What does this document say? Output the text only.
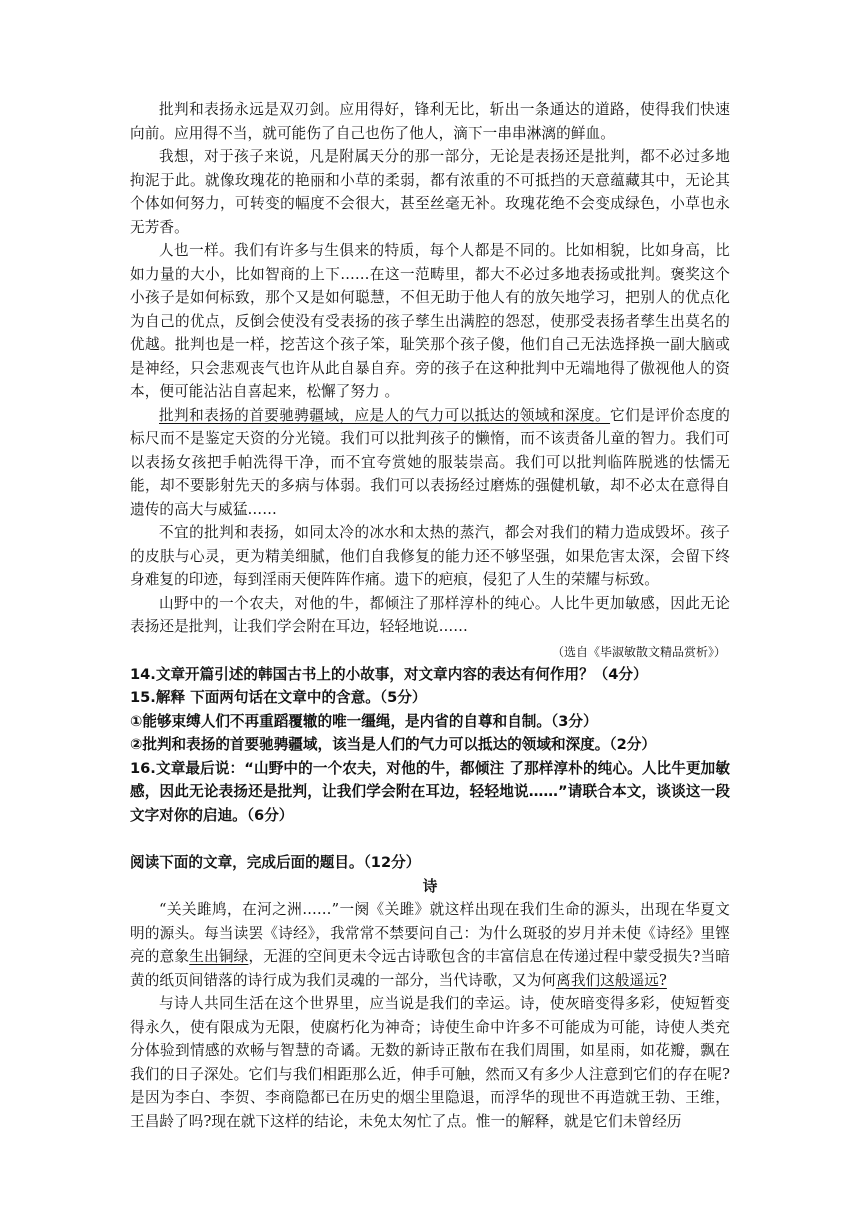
批判和表扬永远是双刃剑。应用得好，锋利无比，斩出一条通达的道路，使得我们快速向前。应用得不当，就可能伤了自己也伤了他人，滴下一串串淋漓的鲜血。

我想，对于孩子来说，凡是附属天分的那一部分，无论是表扬还是批判，都不必过多地拘泥于此。就像玫瑰花的艳丽和小草的柔弱，都有浓重的不可抵挡的天意蕴藏其中，无论其个体如何努力，可转变的幅度不会很大，甚至丝毫无补。玫瑰花绝不会变成绿色，小草也永无芳香。

人也一样。我们有许多与生俱来的特质，每个人都是不同的。比如相貌，比如身高，比如力量的大小，比如智商的上下……在这一范畴里，都大不必过多地表扬或批判。褒奖这个小孩子是如何标致，那个又是如何聪慧，不但无助于他人有的放矢地学习，把别人的优点化为自己的优点，反倒会使没有受表扬的孩子孳生出满腔的怨怼，使那受表扬者孳生出莫名的优越。批判也是一样，挖苦这个孩子笨，耻笑那个孩子傻，他们自己无法选择换一副大脑或是神经，只会悲观丧气也许从此自暴自弃。旁的孩子在这种批判中无端地得了傲视他人的资本，便可能沾沾自喜起来，松懈了努力 。

批判和表扬的首要驰骋疆域，应是人的气力可以抵达的领域和深度。它们是评价态度的标尺而不是鉴定天资的分光镜。我们可以批判孩子的懒惰，而不该责备儿童的智力。我们可以表扬女孩把手帕洗得干净，而不宜夸赏她的服装崇高。我们可以批判临阵脱逃的怯懦无能，却不要影射先天的多病与体弱。我们可以表扬经过磨炼的强健机敏，却不必太在意得自遗传的高大与威猛……

不宜的批判和表扬，如同太冷的冰水和太热的蒸汽，都会对我们的精力造成毁坏。孩子的皮肤与心灵，更为精美细腻，他们自我修复的能力还不够坚强，如果危害太深，会留下终身难复的印迹，每到淫雨天便阵阵作痛。遗下的疤痕，侵犯了人生的荣耀与标致。

山野中的一个农夫，对他的牛，都倾注了那样淳朴的纯心。人比牛更加敏感，因此无论表扬还是批判，让我们学会附在耳边，轻轻地说……

（选自《毕淑敏散文精品赏析》）

14.文章开篇引述的韩国古书上的小故事，对文章内容的表达有何作用？（4分）

15.解释 下面两句话在文章中的含意。（5分）

①能够束缚人们不再重蹈覆辙的唯一缰绳，是内省的自尊和自制。（3分）

②批判和表扬的首要驰骋疆域，该当是人们的气力可以抵达的领域和深度。（2分）

16.文章最后说：“山野中的一个农夫，对他的牛，都倾注 了那样淳朴的纯心。人比牛更加敏感，因此无论表扬还是批判，让我们学会附在耳边，轻轻地说……”请联合本文，谈谈这一段文字对你的启迪。（6分）

阅读下面的文章，完成后面的题目。（12分）

诗

“关关雎鸠，在河之洲……”一阕《关雎》就这样出现在我们生命的源头，出现在华夏文明的源头。每当读罢《诗经》，我常常不禁要问自己：为什么斑驳的岁月并未使《诗经》里铿亮的意象生出铜绿，无涯的空间更未令远古诗歌包含的丰富信息在传递过程中蒙受损失?当暗黄的纸页间错落的诗行成为我们灵魂的一部分，当代诗歌，又为何离我们这般遥远?

与诗人共同生活在这个世界里，应当说是我们的幸运。诗，使灰暗变得多彩，使短暂变得永久，使有限成为无限，使腐朽化为神奇；诗使生命中许多不可能成为可能，诗使人类充分体验到情感的欢畅与智慧的奇谲。无数的新诗正散布在我们周围，如星雨，如花瓣，飘在我们的日子深处。它们与我们相距那么近，伸手可触，然而又有多少人注意到它们的存在呢?是因为李白、李贺、李商隐都已在历史的烟尘里隐退，而浮华的现世不再造就王勃、王维，王昌龄了吗?现在就下这样的结论，未免太匆忙了点。惟一的解释，就是它们未曾经历
